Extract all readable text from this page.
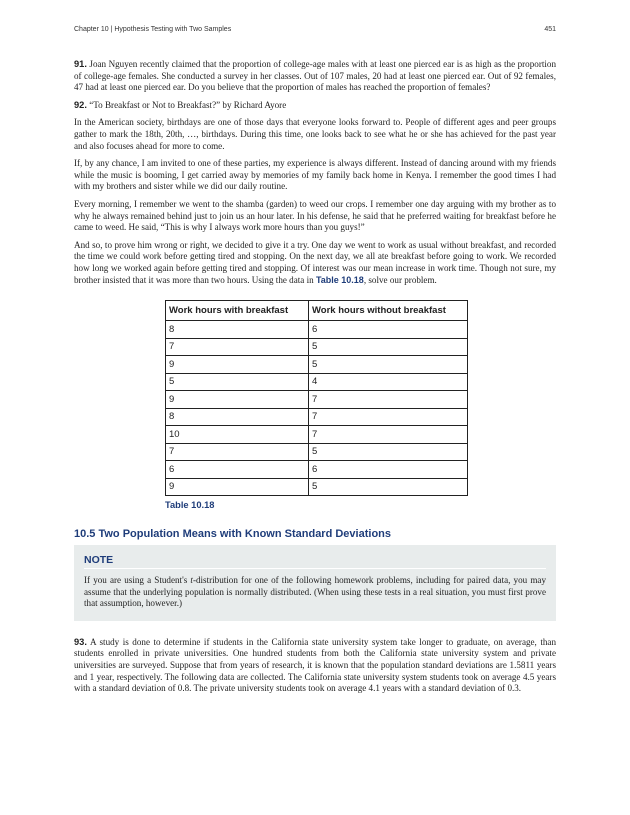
Chapter 10 | Hypothesis Testing with Two Samples	451

91. Joan Nguyen recently claimed that the proportion of college-age males with at least one pierced ear is as high as the proportion of college-age females. She conducted a survey in her classes. Out of 107 males, 20 had at least one pierced ear. Out of 92 females, 47 had at least one pierced ear. Do you believe that the proportion of males has reached the proportion of females?

92. “To Breakfast or Not to Breakfast?” by Richard Ayore

In the American society, birthdays are one of those days that everyone looks forward to. People of different ages and peer groups gather to mark the 18th, 20th, …, birthdays. During this time, one looks back to see what he or she has achieved for the past year and also focuses ahead for more to come.

If, by any chance, I am invited to one of these parties, my experience is always different. Instead of dancing around with my friends while the music is booming, I get carried away by memories of my family back home in Kenya. I remember the good times I had with my brothers and sister while we did our daily routine.

Every morning, I remember we went to the shamba (garden) to weed our crops. I remember one day arguing with my brother as to why he always remained behind just to join us an hour later. In his defense, he said that he preferred waiting for breakfast before he came to weed. He said, “This is why I always work more hours than you guys!”

And so, to prove him wrong or right, we decided to give it a try. One day we went to work as usual without breakfast, and recorded the time we could work before getting tired and stopping. On the next day, we all ate breakfast before going to work. We recorded how long we worked again before getting tired and stopping. Of interest was our mean increase in work time. Though not sure, my brother insisted that it was more than two hours. Using the data in Table 10.18, solve our problem.

Work hours with breakfast	Work hours without breakfast
8	6
7	5
9	5
5	4
9	7
8	7
10	7
7	5
6	6
9	5
Table 10.18
10.5 Two Population Means with Known Standard Deviations
NOTE

If you are using a Student's t-distribution for one of the following homework problems, including for paired data, you may assume that the underlying population is normally distributed. (When using these tests in a real situation, you must first prove that assumption, however.)

93. A study is done to determine if students in the California state university system take longer to graduate, on average, than students enrolled in private universities. One hundred students from both the California state university system and private universities are surveyed. Suppose that from years of research, it is known that the population standard deviations are 1.5811 years and 1 year, respectively. The following data are collected. The California state university system students took on average 4.5 years with a standard deviation of 0.8. The private university students took on average 4.1 years with a standard deviation of 0.3.
